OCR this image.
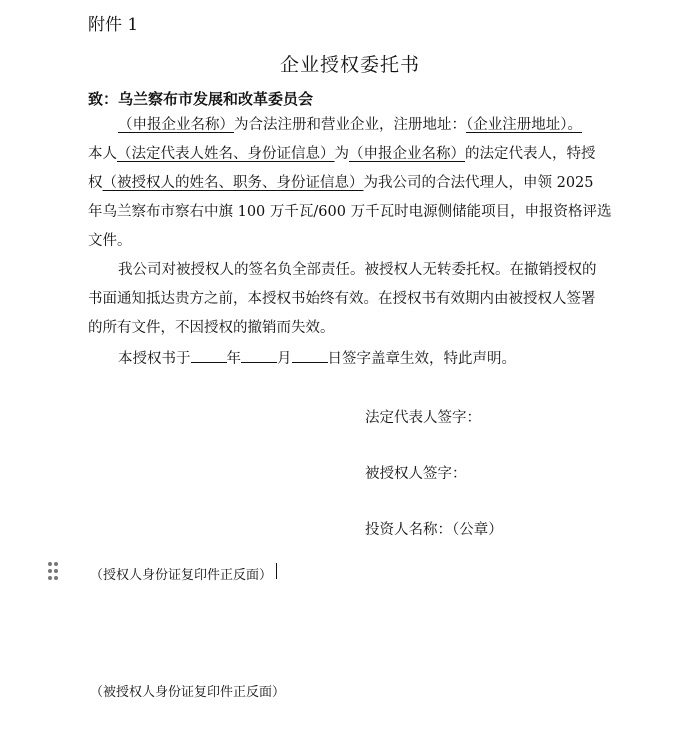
附件 1
企业授权委托书
致：乌兰察布市发展和改革委员会
（申报企业名称）为合法注册和营业企业，注册地址：（企业注册地址）。
本人（法定代表人姓名、身份证信息）为（申报企业名称）的法定代表人，特授
权（被授权人的姓名、职务、身份证信息）为我公司的合法代理人，申领 2025
年乌兰察布市察右中旗 100 万千瓦/600 万千瓦时电源侧储能项目，申报资格评选
文件。
我公司对被授权人的签名负全部责任。被授权人无转委托权。在撤销授权的
书面通知抵达贵方之前，本授权书始终有效。在授权书有效期内由被授权人签署
的所有文件，不因授权的撤销而失效。
本授权书于 年 月 日签字盖章生效，特此声明。
法定代表人签字：
被授权人签字：
投资人名称：（公章）
（授权人身份证复印件正反面）
（被授权人身份证复印件正反面）
